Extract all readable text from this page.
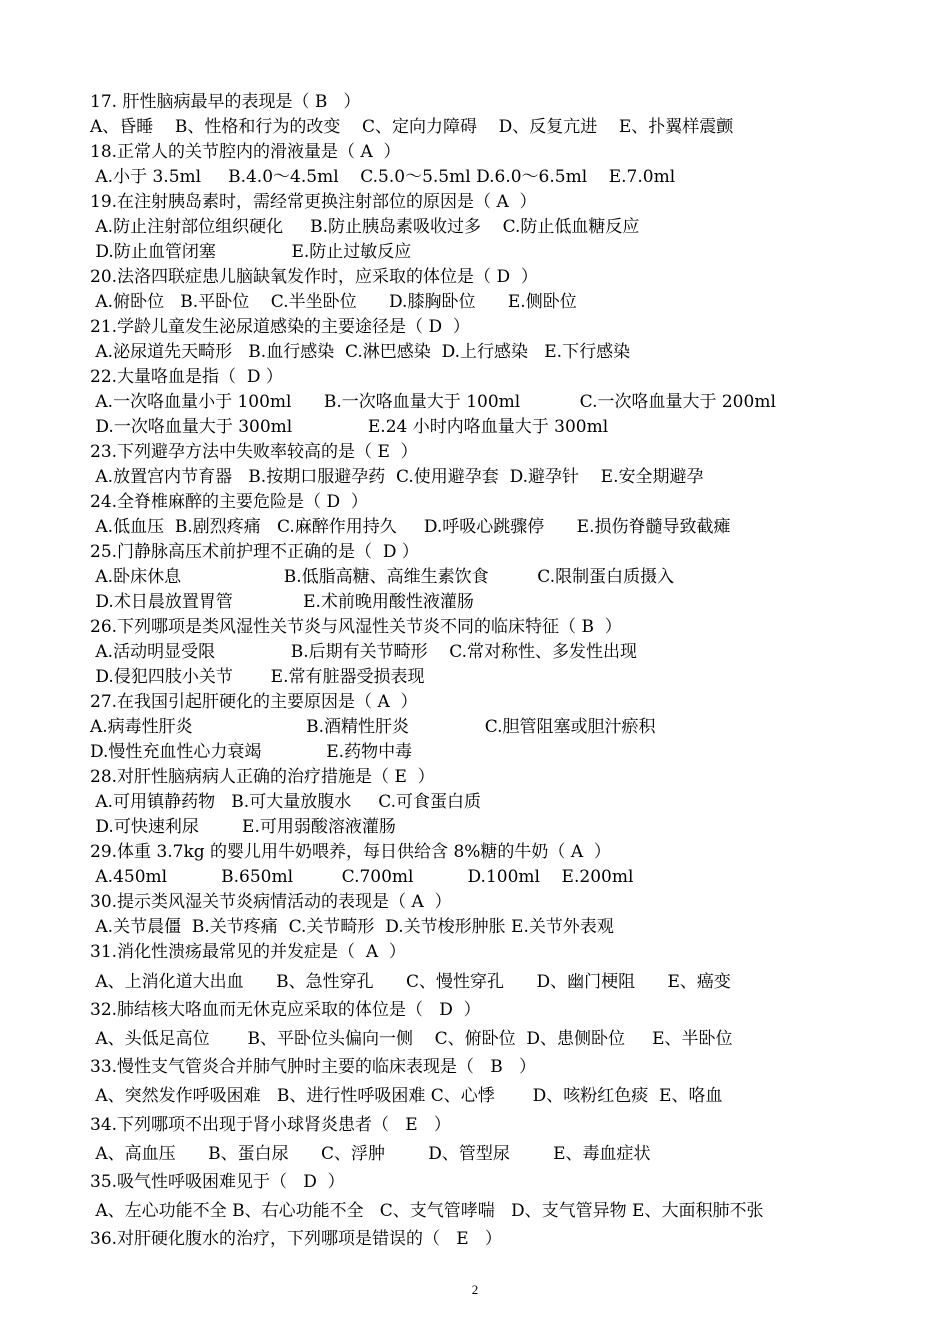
17. 肝性脑病最早的表现是（ B   ）
A、昏睡    B、性格和行为的改变    C、定向力障碍    D、反复亢进    E、扑翼样震颤
18.正常人的关节腔内的滑液量是（ A  ）
A.小于 3.5ml     B.4.0～4.5ml    C.5.0～5.5ml D.6.0～6.5ml    E.7.0ml
19.在注射胰岛素时，需经常更换注射部位的原因是（ A  ）
A.防止注射部位组织硬化     B.防止胰岛素吸收过多    C.防止低血糖反应
D.防止血管闭塞              E.防止过敏反应
20.法洛四联症患儿脑缺氧发作时，应采取的体位是（ D  ）
A.俯卧位   B.平卧位    C.半坐卧位      D.膝胸卧位      E.侧卧位
21.学龄儿童发生泌尿道感染的主要途径是（ D  ）
A.泌尿道先天畸形   B.血行感染  C.淋巴感染  D.上行感染   E.下行感染
22.大量咯血是指（  D ）
A.一次咯血量小于 100ml      B.一次咯血量大于 100ml           C.一次咯血量大于 200ml
D.一次咯血量大于 300ml              E.24 小时内咯血量大于 300ml
23.下列避孕方法中失败率较高的是（ E  ）
A.放置宫内节育器   B.按期口服避孕药  C.使用避孕套  D.避孕针    E.安全期避孕
24.全脊椎麻醉的主要危险是（ D  ）
A.低血压  B.剧烈疼痛   C.麻醉作用持久     D.呼吸心跳骤停      E.损伤脊髓导致截瘫
25.门静脉高压术前护理不正确的是（  D ）
A.卧床休息                   B.低脂高糖、高维生素饮食         C.限制蛋白质摄入
D.术日晨放置胃管             E.术前晚用酸性液灌肠
26.下列哪项是类风湿性关节炎与风湿性关节炎不同的临床特征（ B  ）
A.活动明显受限              B.后期有关节畸形    C.常对称性、多发性出现
D.侵犯四肢小关节       E.常有脏器受损表现
27.在我国引起肝硬化的主要原因是（ A  ）
A.病毒性肝炎                     B.酒精性肝炎              C.胆管阻塞或胆汁瘀积
D.慢性充血性心力衰竭            E.药物中毒
28.对肝性脑病病人正确的治疗措施是（ E  ）
A.可用镇静药物   B.可大量放腹水     C.可食蛋白质
D.可快速利尿        E.可用弱酸溶液灌肠
29.体重 3.7kg 的婴儿用牛奶喂养，每日供给含 8%糖的牛奶（ A  ）
A.450ml          B.650ml         C.700ml          D.100ml    E.200ml
30.提示类风湿关节炎病情活动的表现是（ A  ）
A.关节晨僵  B.关节疼痛  C.关节畸形  D.关节梭形肿胀 E.关节外表观
31.消化性溃疡最常见的并发症是（  A  ）
A、上消化道大出血      B、急性穿孔      C、慢性穿孔      D、幽门梗阻      E、癌变
32.肺结核大咯血而无休克应采取的体位是（   D  ）
A、头低足高位       B、平卧位头偏向一侧    C、俯卧位  D、患侧卧位     E、半卧位
33.慢性支气管炎合并肺气肿时主要的临床表现是（   B   ）
A、突然发作呼吸困难   B、进行性呼吸困难 C、心悸       D、咳粉红色痰  E、咯血
34.下列哪项不出现于肾小球肾炎患者（   E   ）
A、高血压      B、蛋白尿      C、浮肿        D、管型尿        E、毒血症状
35.吸气性呼吸困难见于（   D  ）
A、左心功能不全 B、右心功能不全   C、支气管哮喘   D、支气管异物 E、大面积肺不张
36.对肝硬化腹水的治疗，下列哪项是错误的（   E   ）
2
